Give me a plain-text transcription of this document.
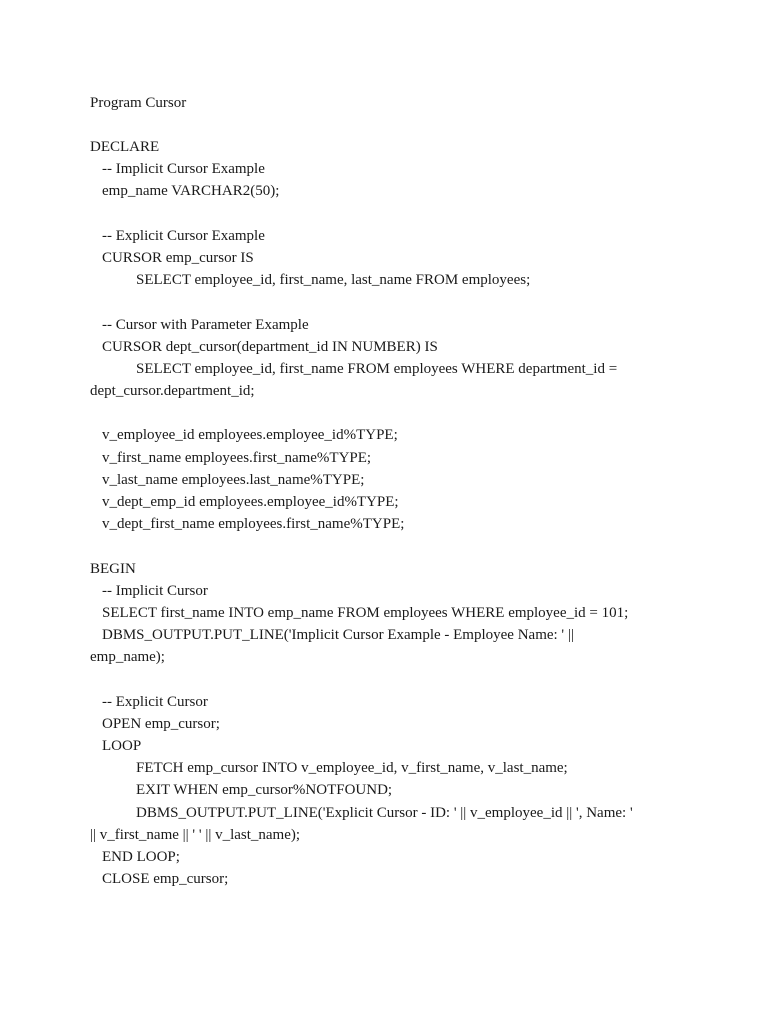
Program Cursor
DECLARE
-- Implicit Cursor Example
emp_name VARCHAR2(50);
-- Explicit Cursor Example
CURSOR emp_cursor IS
SELECT employee_id, first_name, last_name FROM employees;
-- Cursor with Parameter Example
CURSOR dept_cursor(department_id IN NUMBER) IS
SELECT employee_id, first_name FROM employees WHERE department_id =
dept_cursor.department_id;
v_employee_id employees.employee_id%TYPE;
v_first_name employees.first_name%TYPE;
v_last_name employees.last_name%TYPE;
v_dept_emp_id employees.employee_id%TYPE;
v_dept_first_name employees.first_name%TYPE;
BEGIN
-- Implicit Cursor
SELECT first_name INTO emp_name FROM employees WHERE employee_id = 101;
DBMS_OUTPUT.PUT_LINE('Implicit Cursor Example - Employee Name: ' ||
emp_name);
-- Explicit Cursor
OPEN emp_cursor;
LOOP
FETCH emp_cursor INTO v_employee_id, v_first_name, v_last_name;
EXIT WHEN emp_cursor%NOTFOUND;
DBMS_OUTPUT.PUT_LINE('Explicit Cursor - ID: ' || v_employee_id || ', Name: '
|| v_first_name || ' ' || v_last_name);
END LOOP;
CLOSE emp_cursor;
